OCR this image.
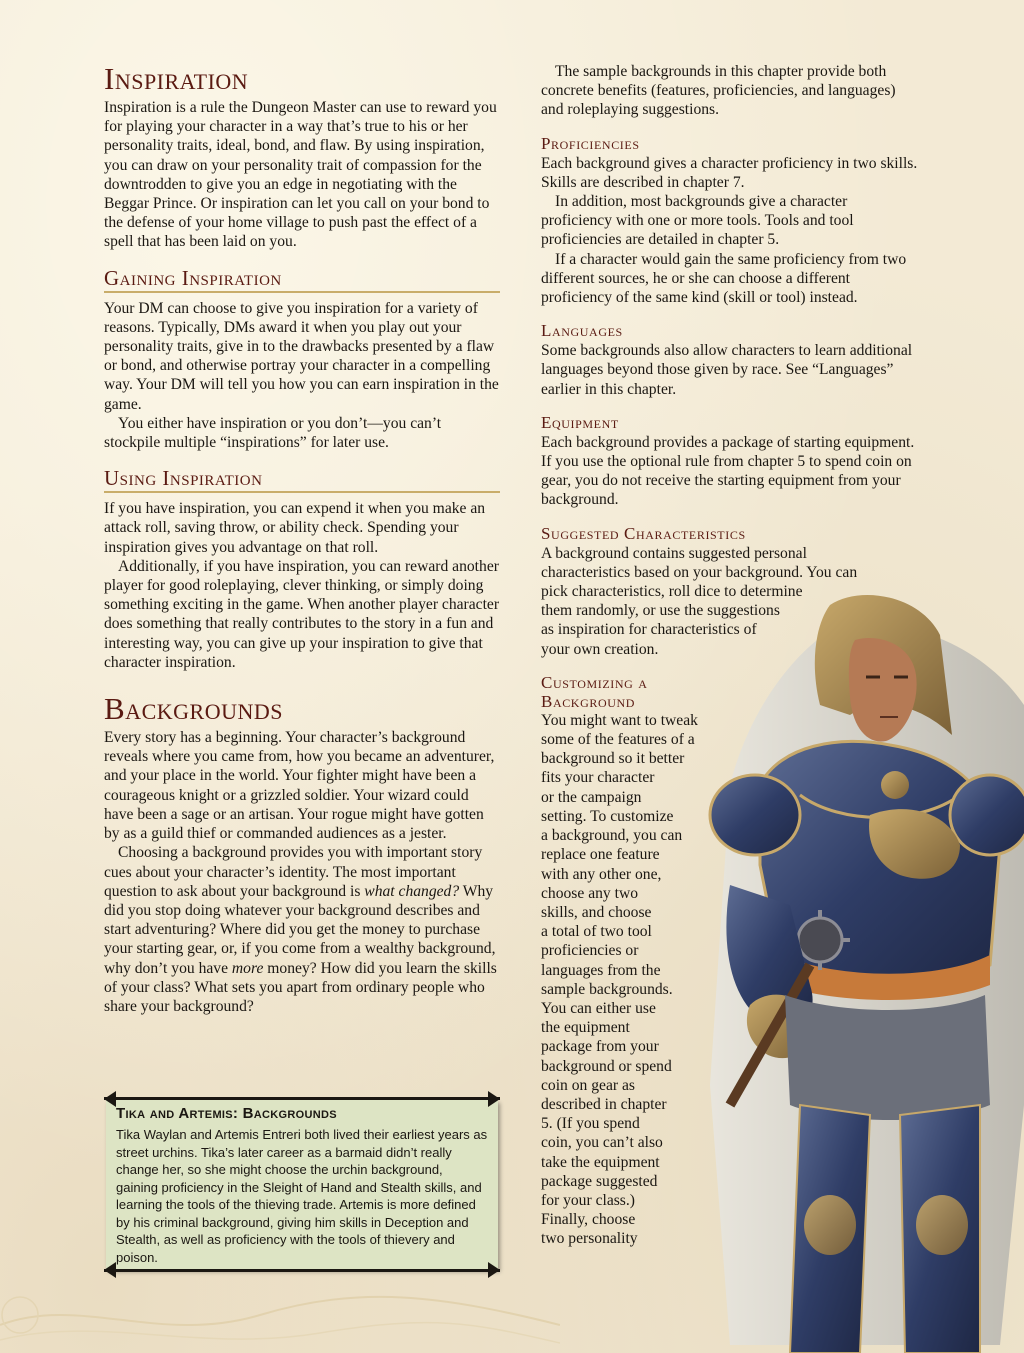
Inspiration

Inspiration is a rule the Dungeon Master can use to reward you for playing your character in a way that’s true to his or her personality traits, ideal, bond, and flaw. By using inspiration, you can draw on your personality trait of compassion for the downtrodden to give you an edge in negotiating with the Beggar Prince. Or inspiration can let you call on your bond to the defense of your home village to push past the effect of a spell that has been laid on you.

Gaining Inspiration

Your DM can choose to give you inspiration for a variety of reasons. Typically, DMs award it when you play out your personality traits, give in to the drawbacks presented by a flaw or bond, and otherwise portray your character in a compelling way. Your DM will tell you how you can earn inspiration in the game.

You either have inspiration or you don’t—you can’t stockpile multiple “inspirations” for later use.

Using Inspiration

If you have inspiration, you can expend it when you make an attack roll, saving throw, or ability check. Spending your inspiration gives you advantage on that roll.

Additionally, if you have inspiration, you can reward another player for good roleplaying, clever thinking, or simply doing something exciting in the game. When another player character does something that really contributes to the story in a fun and interesting way, you can give up your inspiration to give that character inspiration.

Backgrounds

Every story has a beginning. Your character’s background reveals where you came from, how you became an adventurer, and your place in the world. Your fighter might have been a courageous knight or a grizzled soldier. Your wizard could have been a sage or an artisan. Your rogue might have gotten by as a guild thief or commanded audiences as a jester.

Choosing a background provides you with important story cues about your character’s identity. The most important question to ask about your background is what changed? Why did you stop doing whatever your background describes and start adventuring? Where did you get the money to purchase your starting gear, or, if you come from a wealthy background, why don’t you have more money? How did you learn the skills of your class? What sets you apart from ordinary people who share your background?

Tika and Artemis: Backgrounds

Tika Waylan and Artemis Entreri both lived their earliest years as street urchins. Tika’s later career as a barmaid didn’t really change her, so she might choose the urchin background, gaining proficiency in the Sleight of Hand and Stealth skills, and learning the tools of the thieving trade. Artemis is more defined by his criminal background, giving him skills in Deception and Stealth, as well as proficiency with the tools of thievery and poison.

The sample backgrounds in this chapter provide both concrete benefits (features, proficiencies, and languages) and roleplaying suggestions.

Proficiencies

Each background gives a character proficiency in two skills. Skills are described in chapter 7.

In addition, most backgrounds give a character proficiency with one or more tools. Tools and tool proficiencies are detailed in chapter 5.

If a character would gain the same proficiency from two different sources, he or she can choose a different proficiency of the same kind (skill or tool) instead.

Languages

Some backgrounds also allow characters to learn additional languages beyond those given by race. See “Languages” earlier in this chapter.

Equipment

Each background provides a package of starting equipment. If you use the optional rule from chapter 5 to spend coin on gear, you do not receive the starting equipment from your background.

Suggested Characteristics

A background contains suggested personal

characteristics based on your background. You can

pick characteristics, roll dice to determine

them randomly, or use the suggestions

as inspiration for characteristics of

your own creation.

Customizing a
Background

You might want to tweak

some of the features of a

background so it better

fits your character

or the campaign

setting. To customize

a background, you can

replace one feature

with any other one,

choose any two

skills, and choose

a total of two tool

proficiencies or

languages from the

sample backgrounds.

You can either use

the equipment

package from your

background or spend

coin on gear as

described in chapter

5. (If you spend

coin, you can’t also

take the equipment

package suggested

for your class.)

Finally, choose

two personality
